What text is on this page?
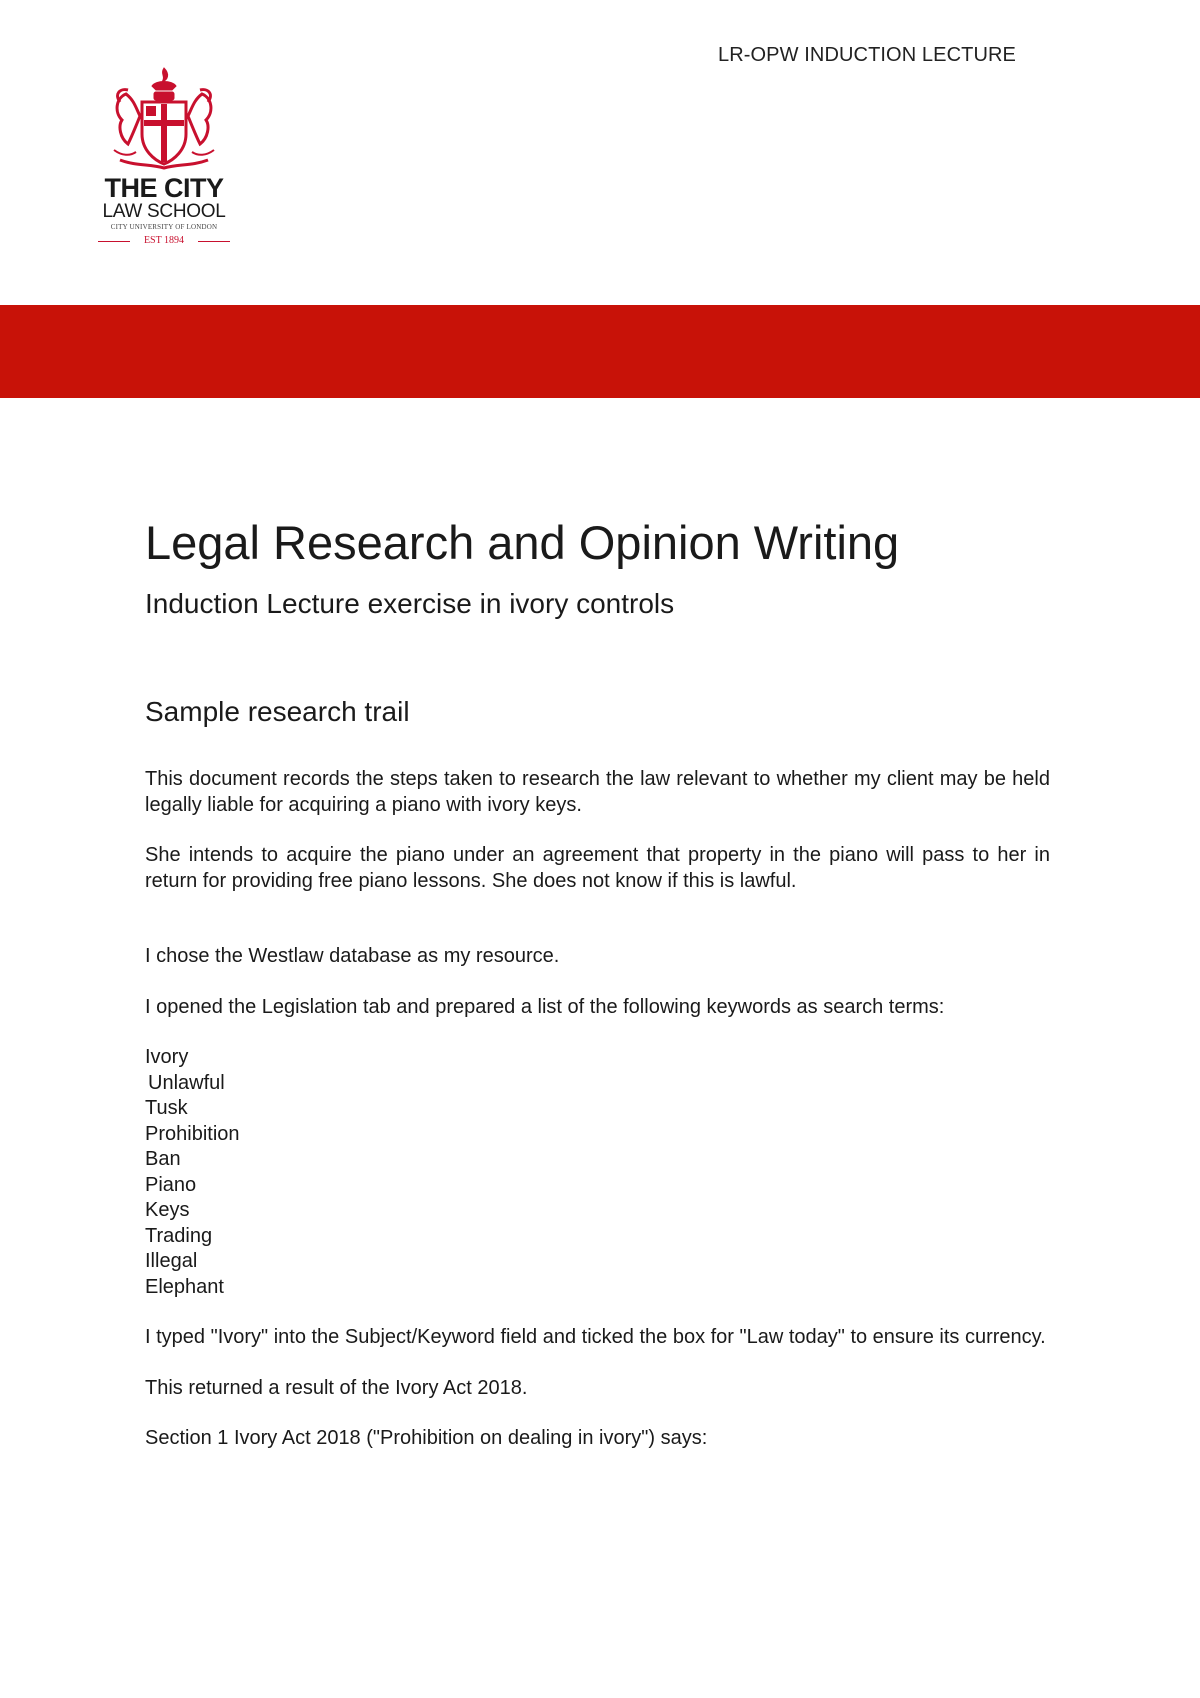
LR-OPW INDUCTION LECTURE
THE CITY
LAW SCHOOL
CITY UNIVERSITY OF LONDON
EST 1894
Legal Research and Opinion Writing
Induction Lecture exercise in ivory controls
Sample research trail

This document records the steps taken to research the law relevant to whether my client may be held legally liable for acquiring a piano with ivory keys.

She intends to acquire the piano under an agreement that property in the piano will pass to her in return for providing free piano lessons. She does not know if this is lawful.

I chose the Westlaw database as my resource.

I opened the Legislation tab and prepared a list of the following keywords as search terms:

Ivory
Unlawful
Tusk
Prohibition
Ban
Piano
Keys
Trading
Illegal
Elephant

I typed "Ivory" into the Subject/Keyword field and ticked the box for "Law today" to ensure its currency.

This returned a result of the Ivory Act 2018.

Section 1 Ivory Act 2018 ("Prohibition on dealing in ivory") says:
